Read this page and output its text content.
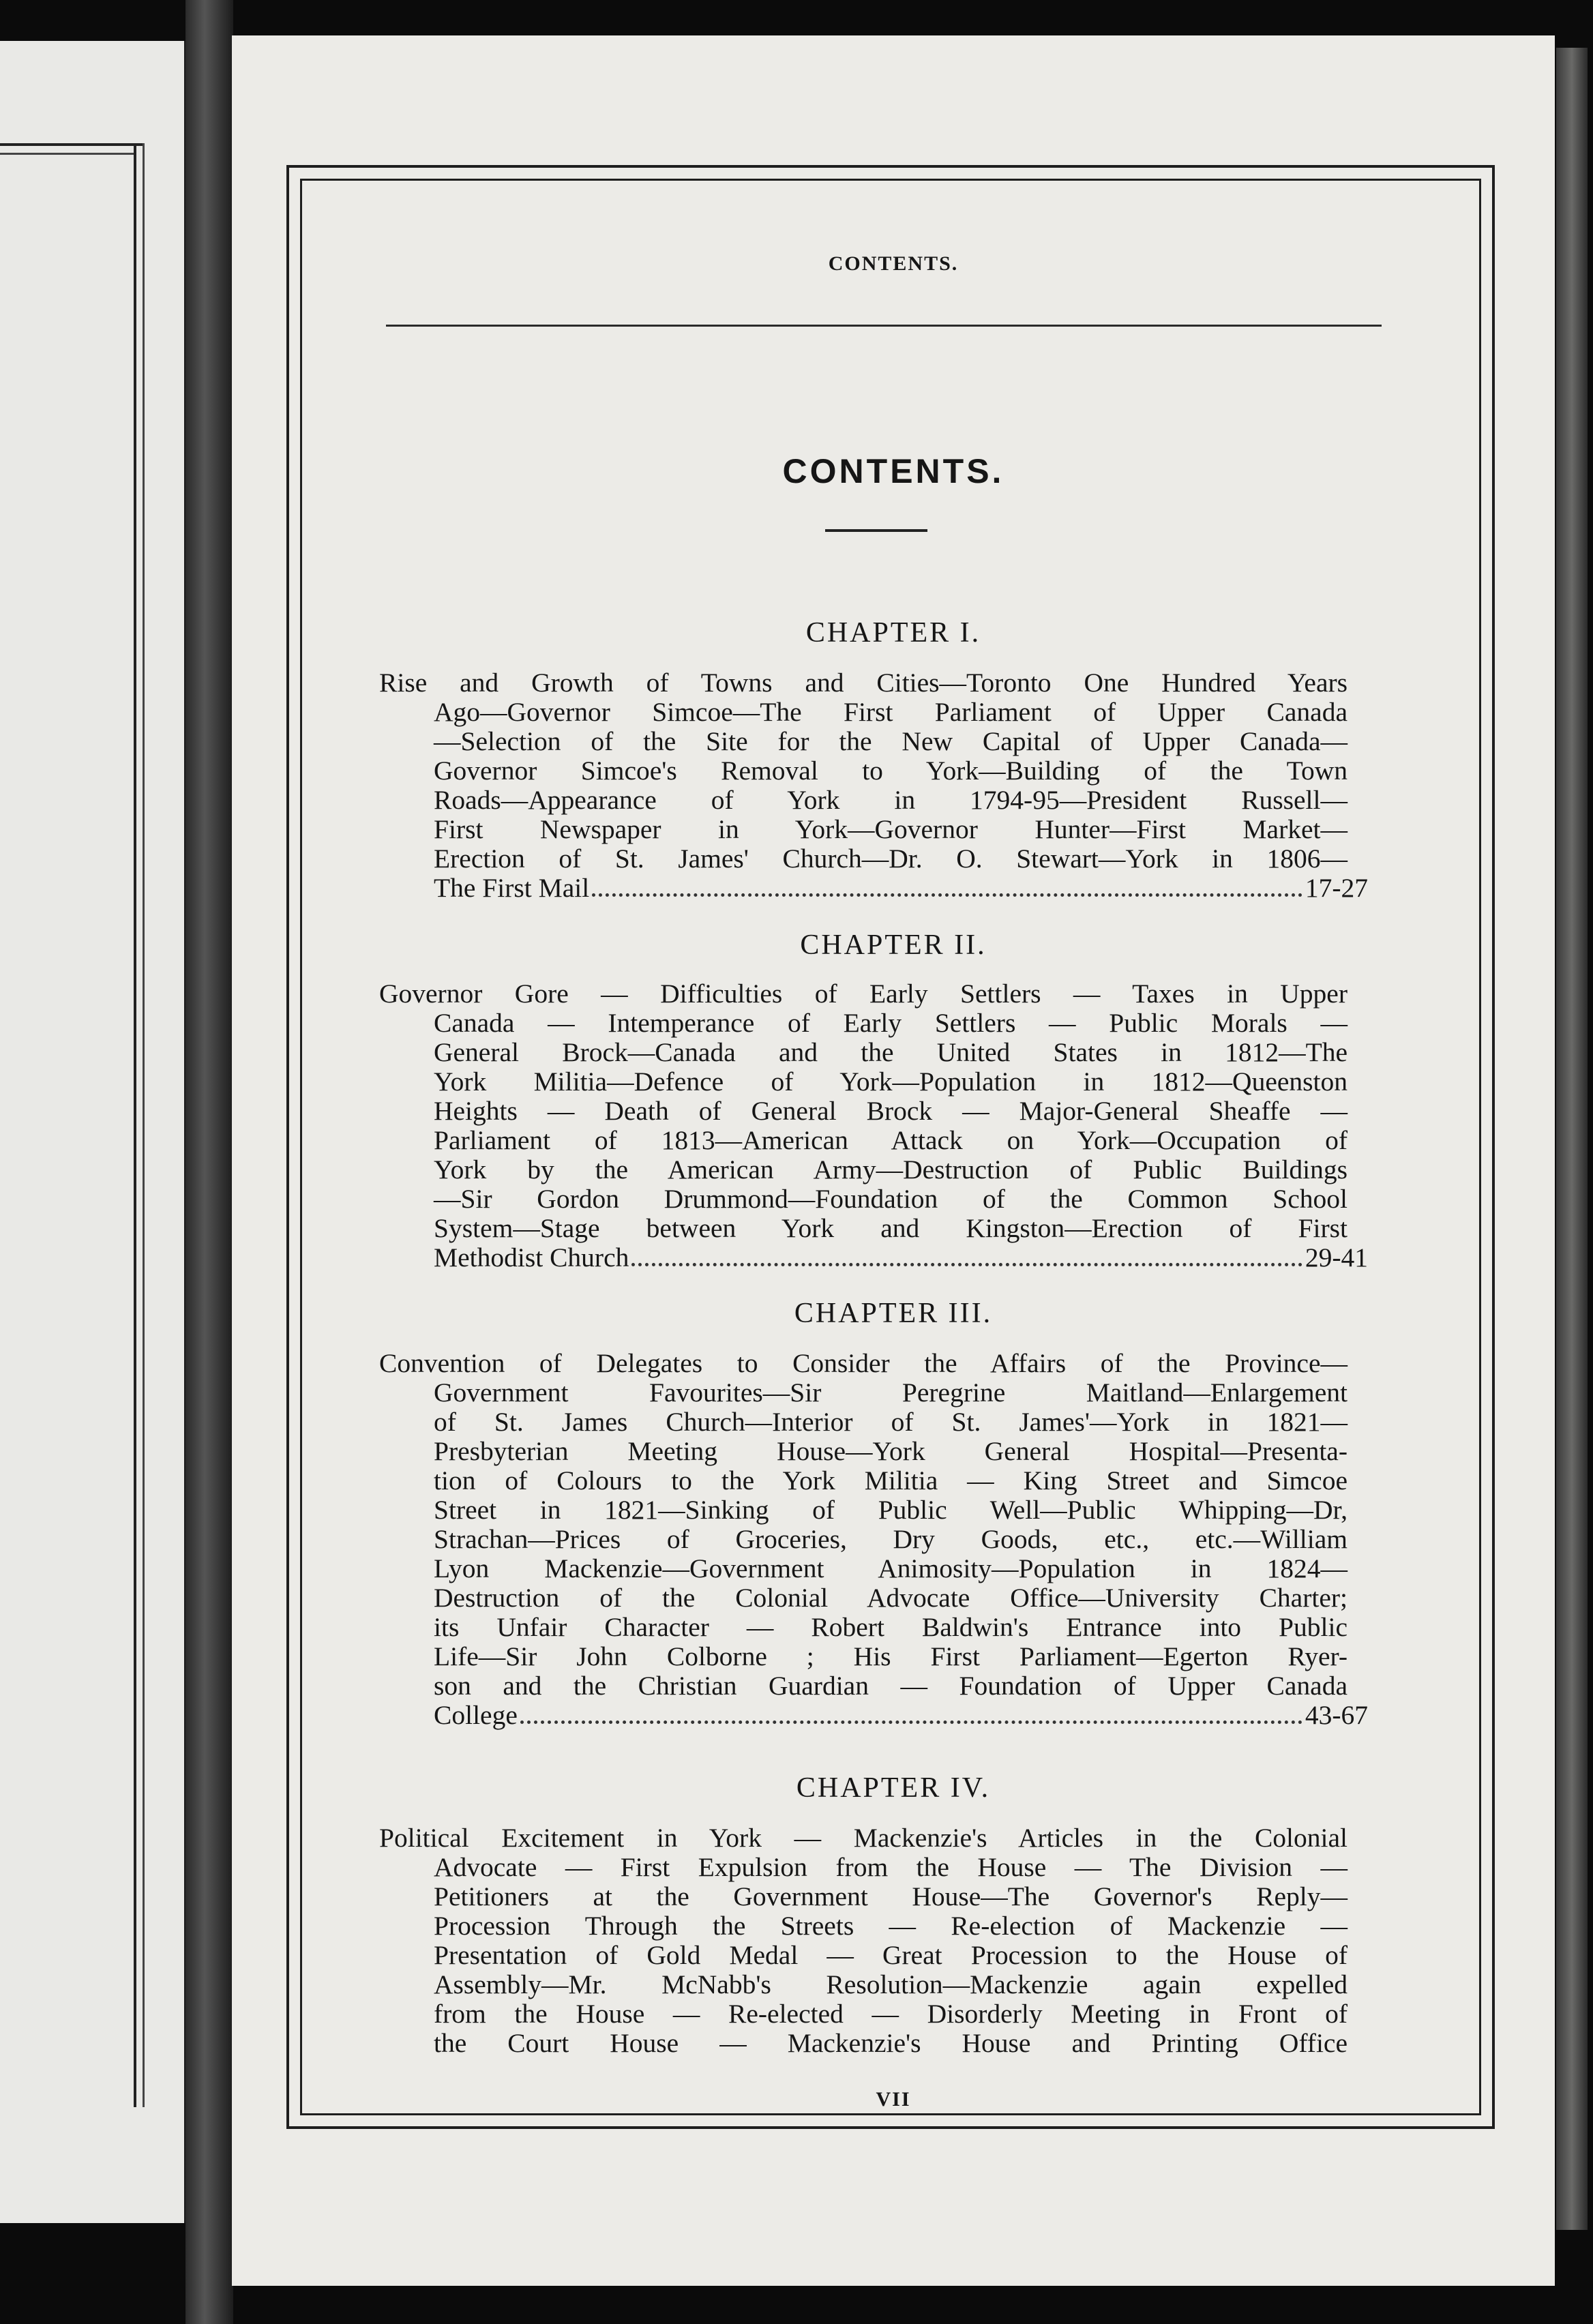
CONTENTS.
CONTENTS.
CHAPTER I.
Rise and Growth of Towns and Cities—Toronto One Hundred Years
Ago—Governor Simcoe—The First Parliament of Upper Canada
—Selection of the Site for the New Capital of Upper Canada—
Governor Simcoe's Removal to York—Building of the Town
Roads—Appearance of York in 1794-95—President Russell—
First Newspaper in York—Governor Hunter—First Market—
Erection of St. James' Church—Dr. O. Stewart—York in 1806—
The First Mail	17-27
CHAPTER II.
Governor Gore — Difficulties of Early Settlers — Taxes in Upper
Canada — Intemperance of Early Settlers — Public Morals —
General Brock—Canada and the United States in 1812—The
York Militia—Defence of York—Population in 1812—Queenston
Heights — Death of General Brock — Major-General Sheaffe —
Parliament of 1813—American Attack on York—Occupation of
York by the American Army—Destruction of Public Buildings
—Sir Gordon Drummond—Foundation of the Common School
System—Stage between York and Kingston—Erection of First
Methodist Church	29-41
CHAPTER III.
Convention of Delegates to Consider the Affairs of the Province—
Government Favourites—Sir Peregrine Maitland—Enlargement
of St. James Church—Interior of St. James'—York in 1821—
Presbyterian Meeting House—York General Hospital—Presenta-
tion of Colours to the York Militia — King Street and Simcoe
Street in 1821—Sinking of Public Well—Public Whipping—Dr,
Strachan—Prices of Groceries, Dry Goods, etc., etc.—William
Lyon Mackenzie—Government Animosity—Population in 1824—
Destruction of the Colonial Advocate Office—University Charter;
its Unfair Character — Robert Baldwin's Entrance into Public
Life—Sir John Colborne ; His First Parliament—Egerton Ryer-
son and the Christian Guardian — Foundation of Upper Canada
College	43-67
CHAPTER IV.
Political Excitement in York — Mackenzie's Articles in the Colonial
Advocate — First Expulsion from the House — The Division —
Petitioners at the Government House—The Governor's Reply—
Procession Through the Streets — Re-election of Mackenzie —
Presentation of Gold Medal — Great Procession to the House of
Assembly—Mr. McNabb's Resolution—Mackenzie again expelled
from the House — Re-elected — Disorderly Meeting in Front of
the Court House — Mackenzie's House and Printing Office
VII
